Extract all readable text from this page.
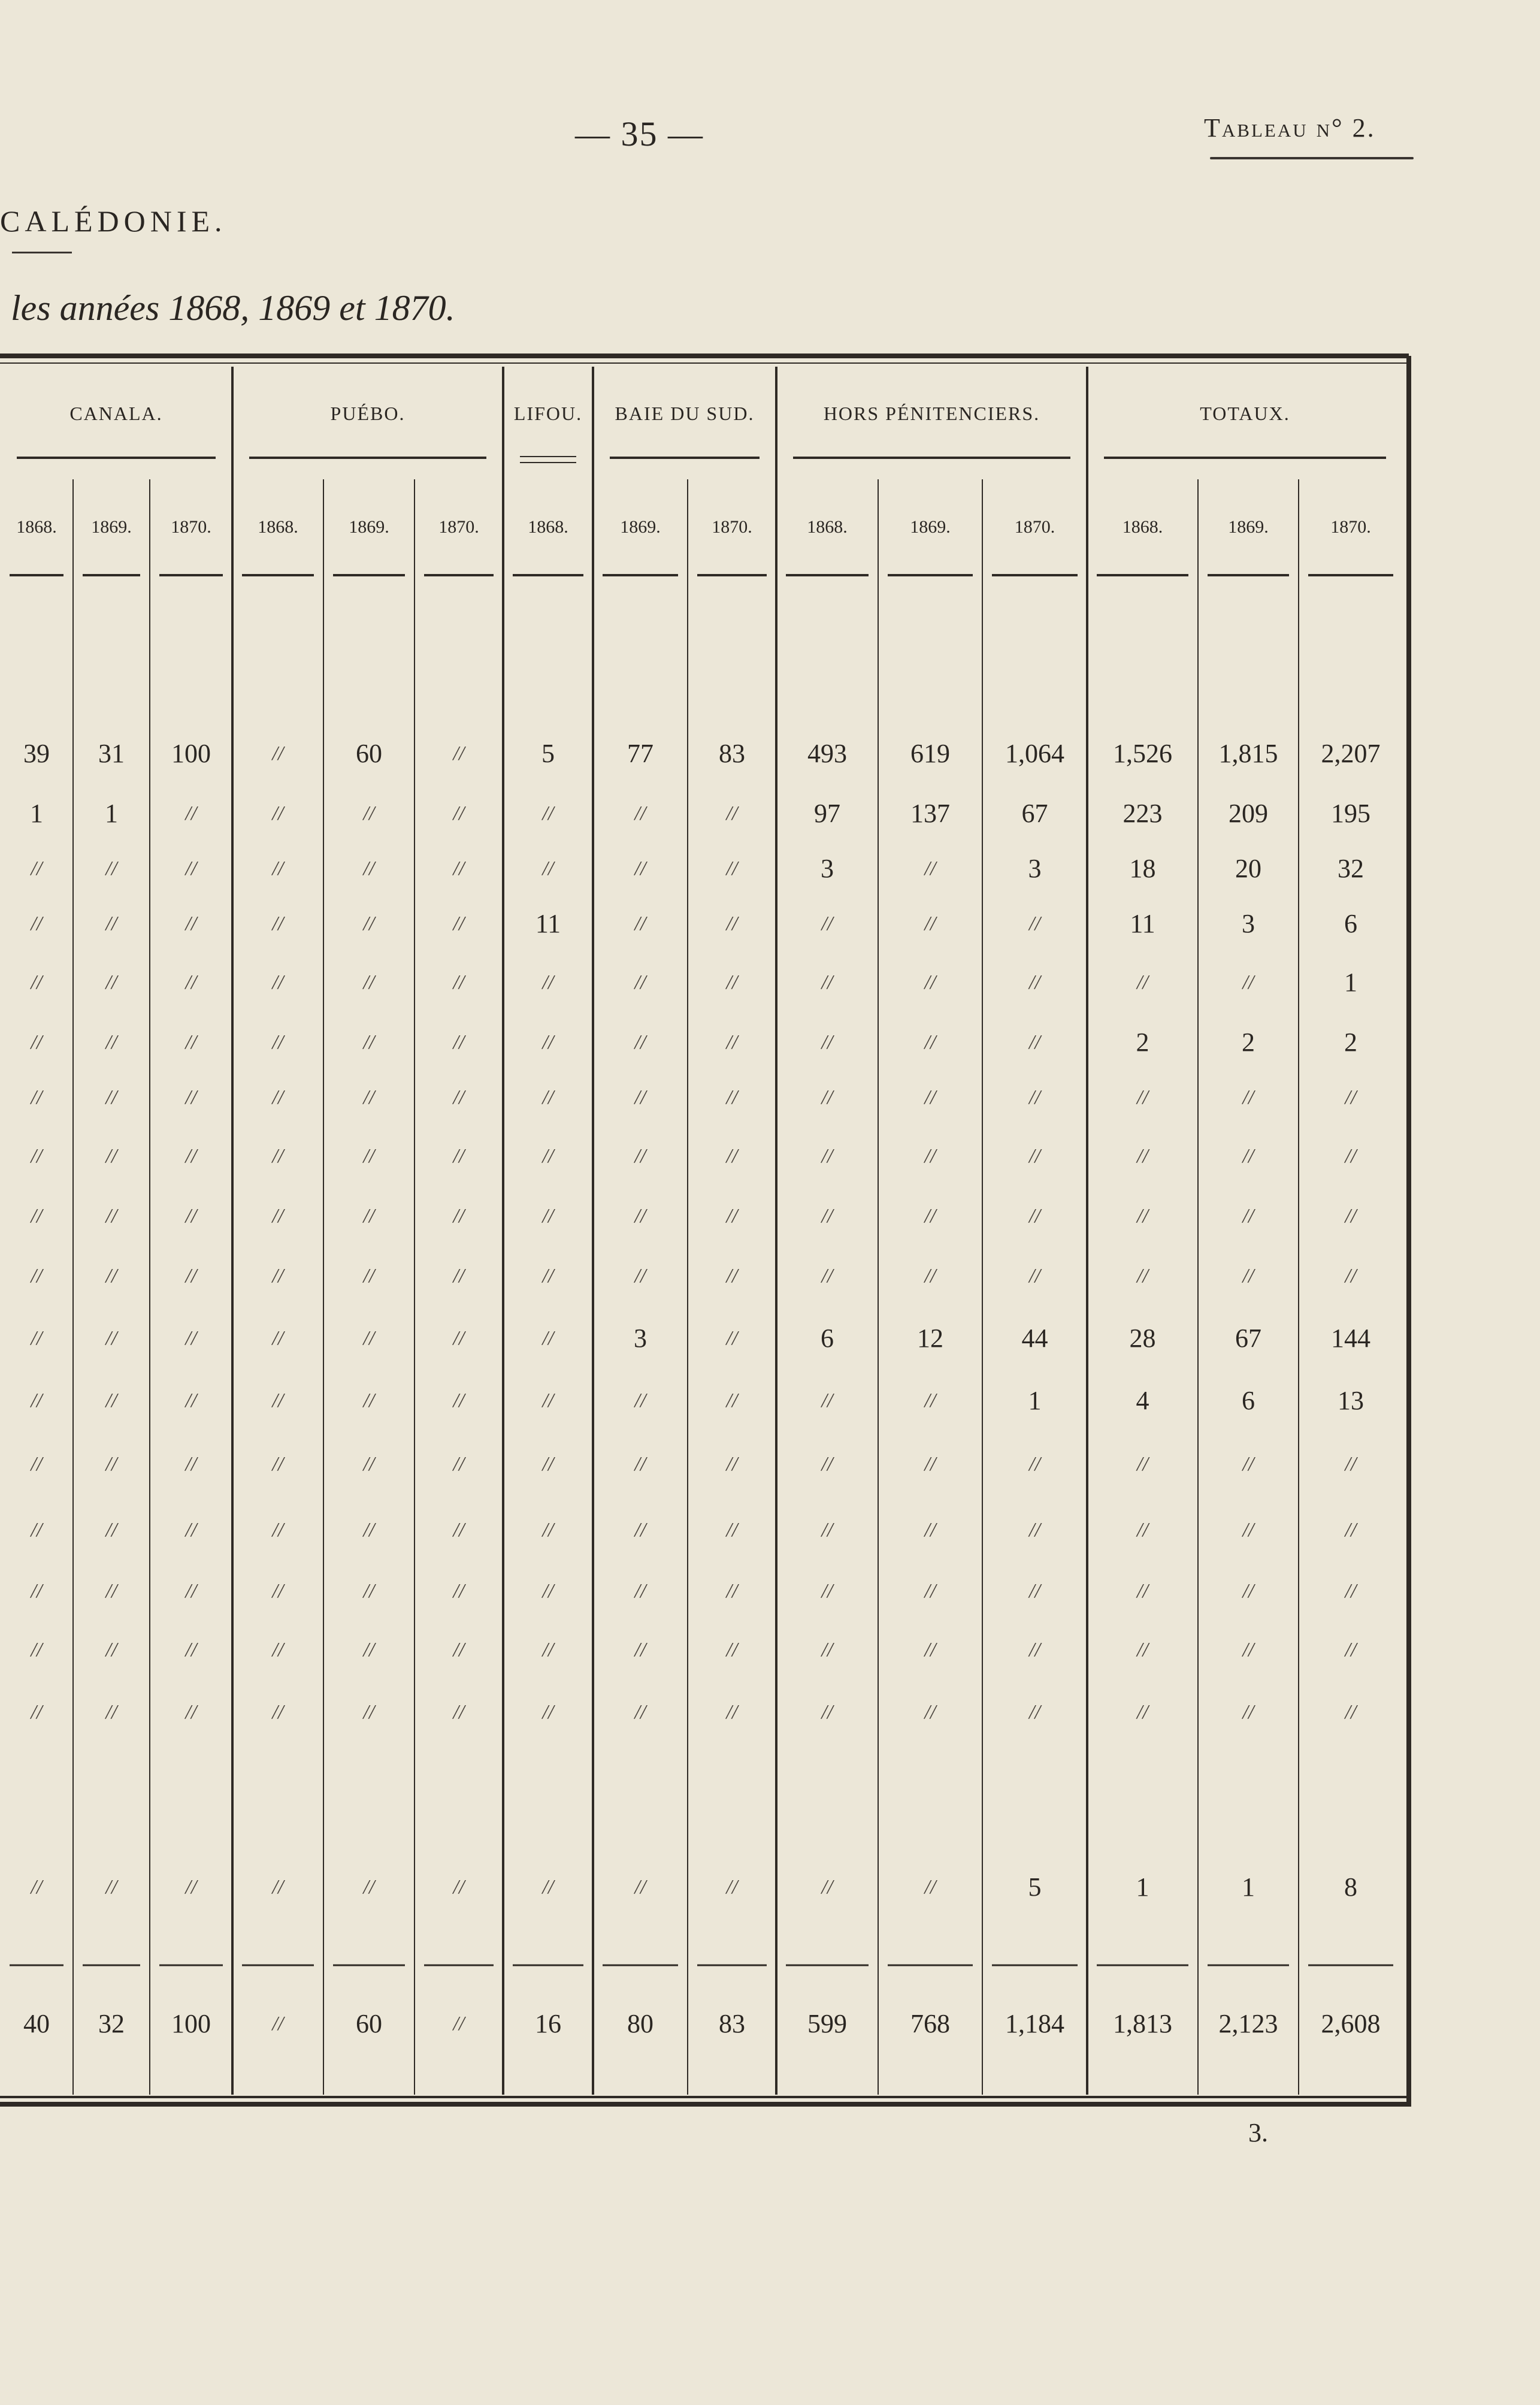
— 35 —	Tableau n° 2.
CALÉDONIE.
les années 1868, 1869 et 1870.
CANALA.	PUÉBO.	LIFOU.	BAIE DU SUD.	HORS PÉNITENCIERS.	TOTAUX.
1868.	1869.	1870.	1868.	1869.	1870.	1868.	1869.	1870.	1868.	1869.	1870.	1868.	1869.	1870.
39	31	100	//	60	//	5	77	83	493	619	1,064	1,526	1,815	2,207
1	1	//	//	//	//	//	//	//	97	137	67	223	209	195
//	//	//	//	//	//	//	//	//	3	//	3	18	20	32
//	//	//	//	//	//	11	//	//	//	//	//	11	3	6
//	//	//	//	//	//	//	//	//	//	//	//	//	//	1
//	//	//	//	//	//	//	//	//	//	//	//	2	2	2
//	//	//	//	//	//	//	//	//	//	//	//	//	//	//
//	//	//	//	//	//	//	//	//	//	//	//	//	//	//
//	//	//	//	//	//	//	//	//	//	//	//	//	//	//
//	//	//	//	//	//	//	//	//	//	//	//	//	//	//
//	//	//	//	//	//	//	3	//	6	12	44	28	67	144
//	//	//	//	//	//	//	//	//	//	//	1	4	6	13
//	//	//	//	//	//	//	//	//	//	//	//	//	//	//
//	//	//	//	//	//	//	//	//	//	//	//	//	//	//
//	//	//	//	//	//	//	//	//	//	//	//	//	//	//
//	//	//	//	//	//	//	//	//	//	//	//	//	//	//
//	//	//	//	//	//	//	//	//	//	//	//	//	//	//
//	//	//	//	//	//	//	//	//	//	//	5	1	1	8
40	32	100	//	60	//	16	80	83	599	768	1,184	1,813	2,123	2,608
3.
